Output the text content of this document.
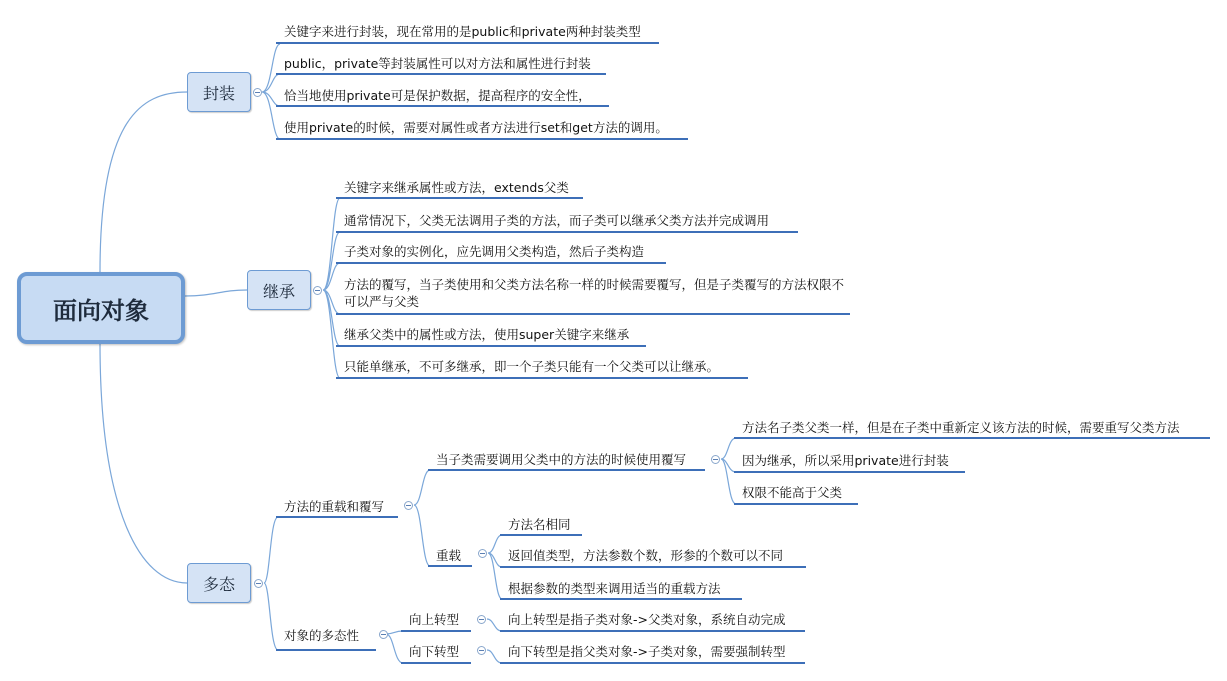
面向对象
封装
关键字来进行封装，现在常用的是public和private两种封装类型
public，private等封装属性可以对方法和属性进行封装
恰当地使用private可是保护数据，提高程序的安全性，
使用private的时候，需要对属性或者方法进行set和get方法的调用。
继承
关键字来继承属性或方法，extends父类
通常情况下，父类无法调用子类的方法，而子类可以继承父类方法并完成调用
子类对象的实例化，应先调用父类构造，然后子类构造
方法的覆写，当子类使用和父类方法名称一样的时候需要覆写，但是子类覆写的方法权限不可以严与父类
继承父类中的属性或方法，使用super关键字来继承
只能单继承，不可多继承，即一个子类只能有一个父类可以让继承。
多态
方法的重载和覆写
当子类需要调用父类中的方法的时候使用覆写
方法名子类父类一样，但是在子类中重新定义该方法的时候，需要重写父类方法
因为继承，所以采用private进行封装
权限不能高于父类
重载
方法名相同
返回值类型，方法参数个数，形参的个数可以不同
根据参数的类型来调用适当的重载方法
对象的多态性
向上转型	向上转型是指子类对象->父类对象，系统自动完成
向下转型	向下转型是指父类对象->子类对象，需要强制转型
